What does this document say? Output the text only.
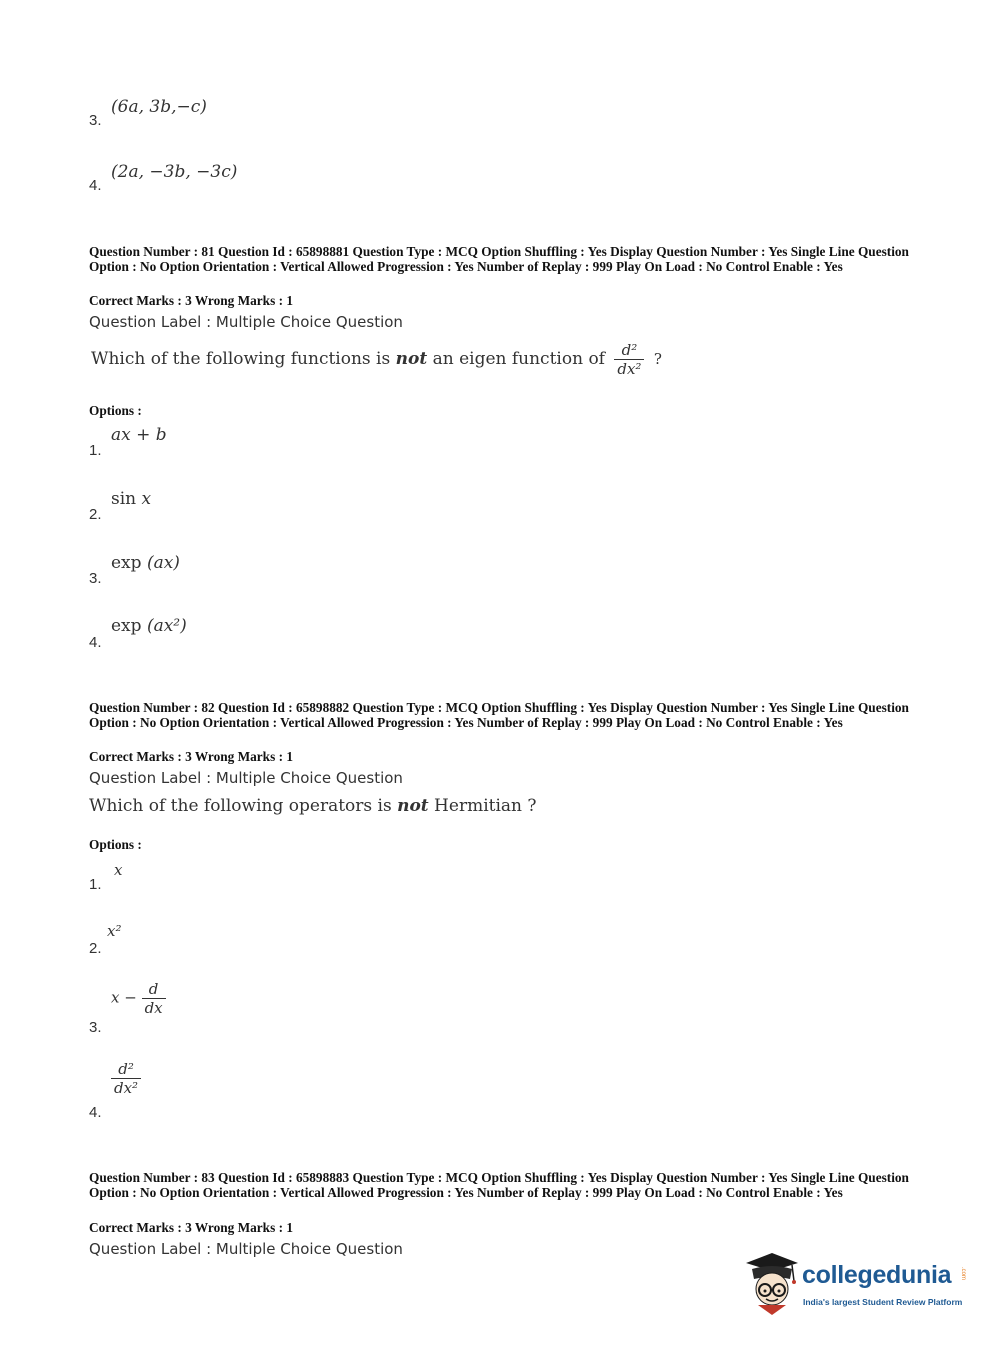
(6a, 3b,−c)
3.
(2a, −3b, −3c)
4.
Question Number : 81 Question Id : 65898881 Question Type : MCQ Option Shuffling : Yes Display Question Number : Yes Single Line Question Option : No Option Orientation : Vertical Allowed Progression : Yes Number of Replay : 999 Play On Load : No Control Enable : Yes
Correct Marks : 3 Wrong Marks : 1
Question Label : Multiple Choice Question
Which of the following functions is not an eigen function of $\frac{\text{d²}}{\text{dx²}}$ ?
Options :
ax + b
1.
sin x
2.
exp (ax)
3.
exp (ax²)
4.
Question Number : 82 Question Id : 65898882 Question Type : MCQ Option Shuffling : Yes Display Question Number : Yes Single Line Question Option : No Option Orientation : Vertical Allowed Progression : Yes Number of Replay : 999 Play On Load : No Control Enable : Yes
Correct Marks : 3 Wrong Marks : 1
Question Label : Multiple Choice Question
Which of the following operators is not Hermitian ?
Options :
x
1.
x²
2.
$x - \frac{d}{dx}$
3.
$\frac{\text{d²}}{\text{dx²}}$
4.
Question Number : 83 Question Id : 65898883 Question Type : MCQ Option Shuffling : Yes Display Question Number : Yes Single Line Question Option : No Option Orientation : Vertical Allowed Progression : Yes Number of Replay : 999 Play On Load : No Control Enable : Yes
Correct Marks : 3 Wrong Marks : 1
Question Label : Multiple Choice Question
collegedunia .com
India's largest Student Review Platform
